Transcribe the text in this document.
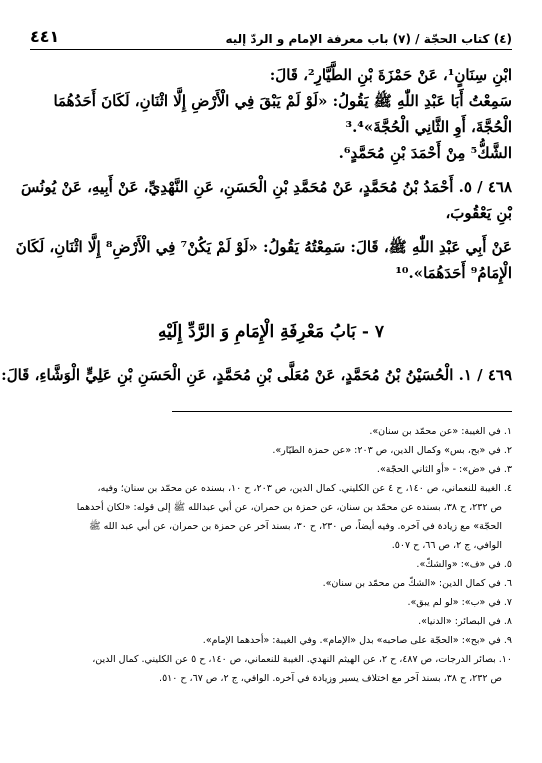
(٤) كتاب الحجّة / (٧) باب معرفة الإمام و الردّ إليه
٤٤١
ابْنِ سِنَانٍ¹، عَنْ حَمْزَةَ بْنِ الطَّيَّارِ²، قَالَ:
سَمِعْتُ أَبَا عَبْدِ اللّٰهِ ﷺ يَقُولُ: «لَوْ لَمْ يَبْقَ فِي الْأَرْضِ إِلَّا اثْنَانِ، لَكَانَ أَحَدُهُمَا
الْحُجَّةَ، أَوِ الثَّانِي الْحُجَّةَ»³.⁴
الشَّكُّ⁵ مِنْ أَحْمَدَ بْنِ مُحَمَّدٍ⁶.
٤٦٨ / ٥. أَحْمَدُ بْنُ مُحَمَّدٍ، عَنْ مُحَمَّدِ بْنِ الْحَسَنِ، عَنِ النَّهْدِيِّ، عَنْ أَبِيهِ، عَنْ يُونُسَ
بْنِ يَعْقُوبَ،
عَنْ أَبِي عَبْدِ اللّٰهِ ﷺ، قَالَ: سَمِعْتُهُ يَقُولُ: «لَوْ لَمْ يَكُنْ⁷ فِي الْأَرْضِ⁸ إِلَّا اثْنَانِ، لَكَانَ
الْإِمَامُ⁹ أَحَدَهُمَا».¹⁰
٧ - بَابُ مَعْرِفَةِ الْإِمَامِ وَ الرَّدِّ إِلَيْهِ
٤٦٩ / ١. الْحُسَيْنُ بْنُ مُحَمَّدٍ، عَنْ مُعَلَّى بْنِ مُحَمَّدٍ، عَنِ الْحَسَنِ بْنِ عَلِيٍّ الْوَشَّاءِ، قَالَ:
١. في الغيبة: «عن محمّد بن سنان».
٢. في «بح، بس» وكمال الدين، ص ٢٠٣: «عن حمزة الطيّار».
٣. في «ض»: - «أو الثاني الحجّة».
٤. الغيبة للنعماني، ص ١٤٠، ح ٤ عن الكليني. كمال الدين، ص ٢٠٣، ح ١٠، بسنده عن محمّد بن سنان؛ وفيه،
ص ٢٣٢، ح ٣٨، بسنده عن محمّد بن سنان، عن حمزة بن حمران، عن أبي عبدالله ﷺ إلى قوله: «لكان أحدهما
الحجّة» مع زيادة في آخره. وفيه أيضاً، ص ٢٣٠، ح ٣٠، بسند آخر عن حمزة بن حمران، عن أبي عبد الله ﷺ
الوافي، ج ٢، ص ٦٦، ح ٥٠٧.
٥. في «ف»: «والشكّ».
٦. في كمال الدين: «الشكّ من محمّد بن سنان».
٧. في «ب»: «لو لم يبق».
٨. في البصائر: «الدنيا».
٩. في «بح»: «الحجّة على صاحبه» بدل «الإمام». وفي الغيبة: «أحدهما الإمام».
١٠. بصائر الدرجات، ص ٤٨٧، ح ٢، عن الهيثم النهدي. الغيبة للنعماني، ص ١٤٠، ح ٥ عن الكليني. كمال الدين،
ص ٢٣٢، ح ٣٨، بسند آخر مع اختلاف يسير وزيادة في آخره. الوافي، ج ٢، ص ٦٧، ح ٥١٠.
